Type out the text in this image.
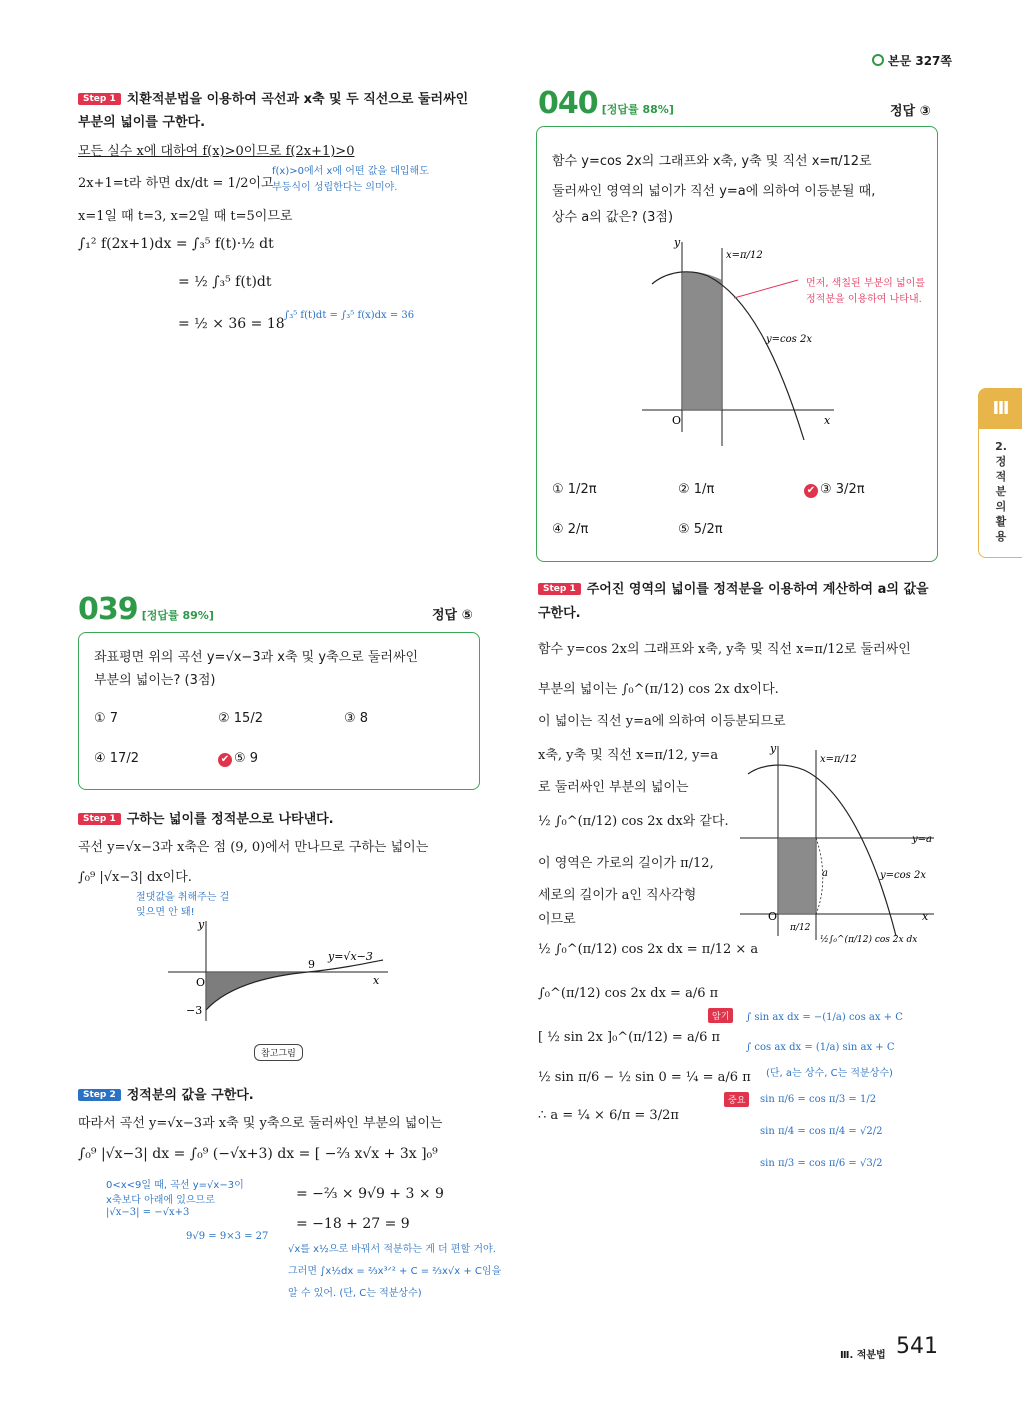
본문 327쪽
Ⅲ
2.
정
적
분
의
활
용
Step 1 치환적분법을 이용하여 곡선과 x축 및 두 직선으로 둘러싸인
부분의 넓이를 구한다.
모든 실수 x에 대하여 f(x)>0이므로 f(2x+1)>0
f(x)>0에서 x에 어떤 값을 대입해도
2x+1=t라 하면 dx/dt = 1/2이고
부등식이 성립한다는 의미야.
x=1일 때 t=3, x=2일 때 t=5이므로
∫₁² f(2x+1)dx = ∫₃⁵ f(t)·½ dt
= ½ ∫₃⁵ f(t)dt
∫₃⁵ f(t)dt = ∫₃⁵ f(x)dx = 36
= ½ × 36 = 18
039 [정답률 89%]	정답 ⑤
좌표평면 위의 곡선 y=√x−3과 x축 및 y축으로 둘러싸인
부분의 넓이는? (3점)
① 7	② 15/2	③ 8
④ 17/2	✔ ⑤ 9
Step 1 구하는 넓이를 정적분으로 나타낸다.
곡선 y=√x−3과 x축은 점 (9, 0)에서 만나므로 구하는 넓이는
∫₀⁹ |√x−3| dx이다.
절댓값을 취해주는 걸
잊으면 안 돼!
O
−3
9
x
y
y=√x−3
참고그림
Step 2 정적분의 값을 구한다.
따라서 곡선 y=√x−3과 x축 및 y축으로 둘러싸인 부분의 넓이는
∫₀⁹ |√x−3| dx = ∫₀⁹ (−√x+3) dx = [ −⅔ x√x + 3x ]₀⁹
0<x<9일 때, 곡선 y=√x−3이
x축보다 아래에 있으므로
|√x−3| = −√x+3
= −⅔ × 9√9 + 3 × 9
= −18 + 27 = 9
9√9 = 9×3 = 27
√x를 x½으로 바꿔서 적분하는 게 더 편할 거야.
그러면 ∫x½dx = ⅔x³ᐟ² + C = ⅔x√x + C임을
알 수 있어. (단, C는 적분상수)
040 [정답률 88%]	정답 ③
함수 y=cos 2x의 그래프와 x축, y축 및 직선 x=π/12로
둘러싸인 영역의 넓이가 직선 y=a에 의하여 이등분될 때,
상수 a의 값은? (3점)
O	x
y
x=π/12
y=cos 2x
먼저, 색칠된 부분의 넓이를
정적분을 이용하여 나타내.
① 1/2π	② 1/π	✔ ③ 3/2π
④ 2/π	⑤ 5/2π
Step 1 주어진 영역의 넓이를 정적분을 이용하여 계산하여 a의 값을
구한다.
함수 y=cos 2x의 그래프와 x축, y축 및 직선 x=π/12로 둘러싸인
부분의 넓이는 ∫₀^(π/12) cos 2x dx이다.
이 넓이는 직선 y=a에 의하여 이등분되므로
x축, y축 및 직선 x=π/12, y=a
로 둘러싸인 부분의 넓이는
½ ∫₀^(π/12) cos 2x dx와 같다.
이 영역은 가로의 길이가 π/12,
세로의 길이가 a인 직사각형
이므로
½ ∫₀^(π/12) cos 2x dx = π/12 × a
∫₀^(π/12) cos 2x dx = a/6 π
[ ½ sin 2x ]₀^(π/12) = a/6 π
½ sin π/6 − ½ sin 0 = ¼ = a/6 π
∴ a = ¼ × 6/π = 3/2π
O	x
y
x=π/12
y=a
y=cos 2x
a
π/12
½∫₀^(π/12) cos 2x dx
암기	∫ sin ax dx = −(1/a) cos ax + C
∫ cos ax dx = (1/a) sin ax + C
(단, a는 상수, C는 적분상수)
중요	sin π/6 = cos π/3 = 1/2
sin π/4 = cos π/4 = √2/2
sin π/3 = cos π/6 = √3/2
Ⅲ. 적분법 541
